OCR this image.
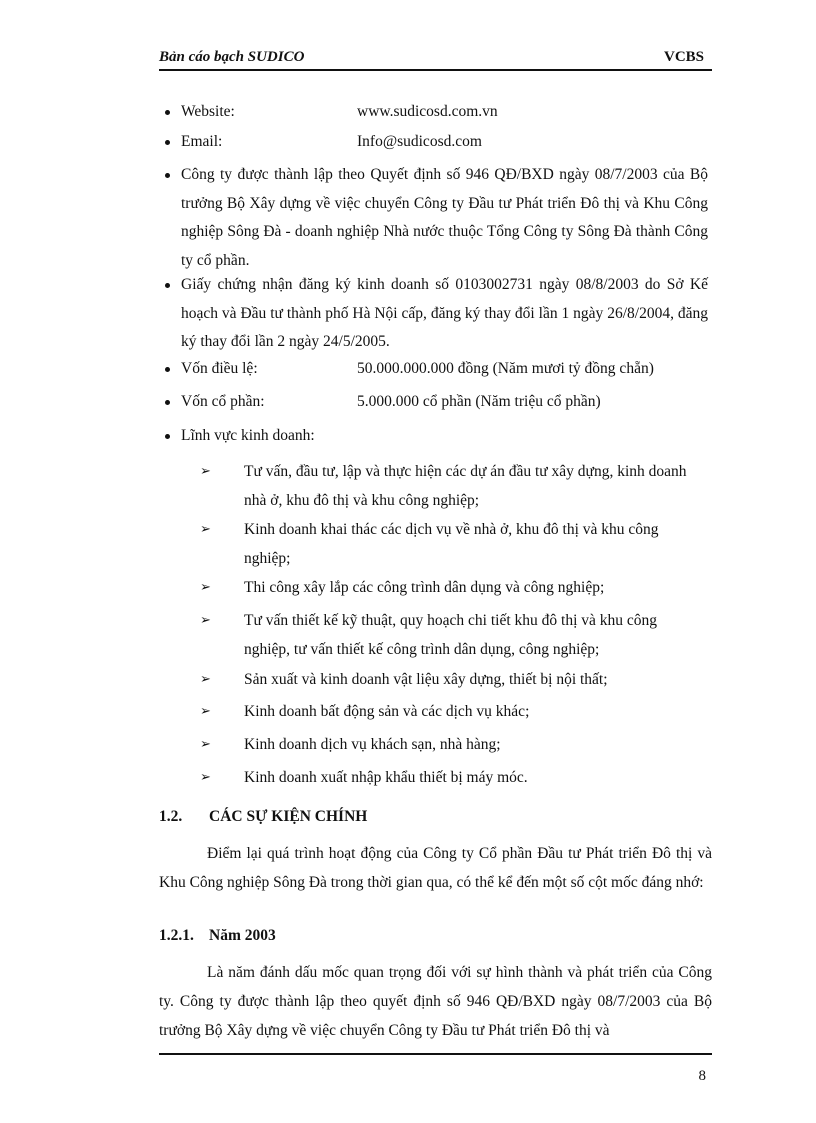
Bản cáo bạch SUDICO	VCBS
Website:	www.sudicosd.com.vn
Email:	Info@sudicosd.com
Công ty được thành lập theo Quyết định số 946 QĐ/BXD ngày 08/7/2003 của Bộ trưởng Bộ Xây dựng về việc chuyển Công ty Đầu tư Phát triển Đô thị và Khu Công nghiệp Sông Đà - doanh nghiệp Nhà nước thuộc Tổng Công ty Sông Đà thành Công ty cổ phần.
Giấy chứng nhận đăng ký kinh doanh số 0103002731 ngày 08/8/2003 do Sở Kế hoạch và Đầu tư thành phố Hà Nội cấp, đăng ký thay đổi lần 1 ngày 26/8/2004, đăng ký thay đổi lần 2 ngày 24/5/2005.
Vốn điều lệ:	50.000.000.000 đồng (Năm mươi tỷ đồng chẵn)
Vốn cổ phần:	5.000.000 cổ phần (Năm triệu cổ phần)
Lĩnh vực kinh doanh:
➢	Tư vấn, đầu tư, lập và thực hiện các dự án đầu tư xây dựng, kinh doanh nhà ở, khu đô thị và khu công nghiệp;
➢	Kinh doanh khai thác các dịch vụ về nhà ở, khu đô thị và khu công nghiệp;
➢	Thi công xây lắp các công trình dân dụng và công nghiệp;
➢	Tư vấn thiết kế kỹ thuật, quy hoạch chi tiết khu đô thị và khu công nghiệp, tư vấn thiết kế công trình dân dụng, công nghiệp;
➢	Sản xuất và kinh doanh vật liệu xây dựng, thiết bị nội thất;
➢	Kinh doanh bất động sản và các dịch vụ khác;
➢	Kinh doanh dịch vụ khách sạn, nhà hàng;
➢	Kinh doanh xuất nhập khẩu thiết bị máy móc.
1.2. CÁC SỰ KIỆN CHÍNH
Điểm lại quá trình hoạt động của Công ty Cổ phần Đầu tư Phát triển Đô thị và Khu Công nghiệp Sông Đà trong thời gian qua, có thể kể đến một số cột mốc đáng nhớ:
1.2.1. Năm 2003
Là năm đánh dấu mốc quan trọng đối với sự hình thành và phát triển của Công ty. Công ty được thành lập theo quyết định số 946 QĐ/BXD ngày 08/7/2003 của Bộ trưởng Bộ Xây dựng về việc chuyển Công ty Đầu tư Phát triển Đô thị và
8
